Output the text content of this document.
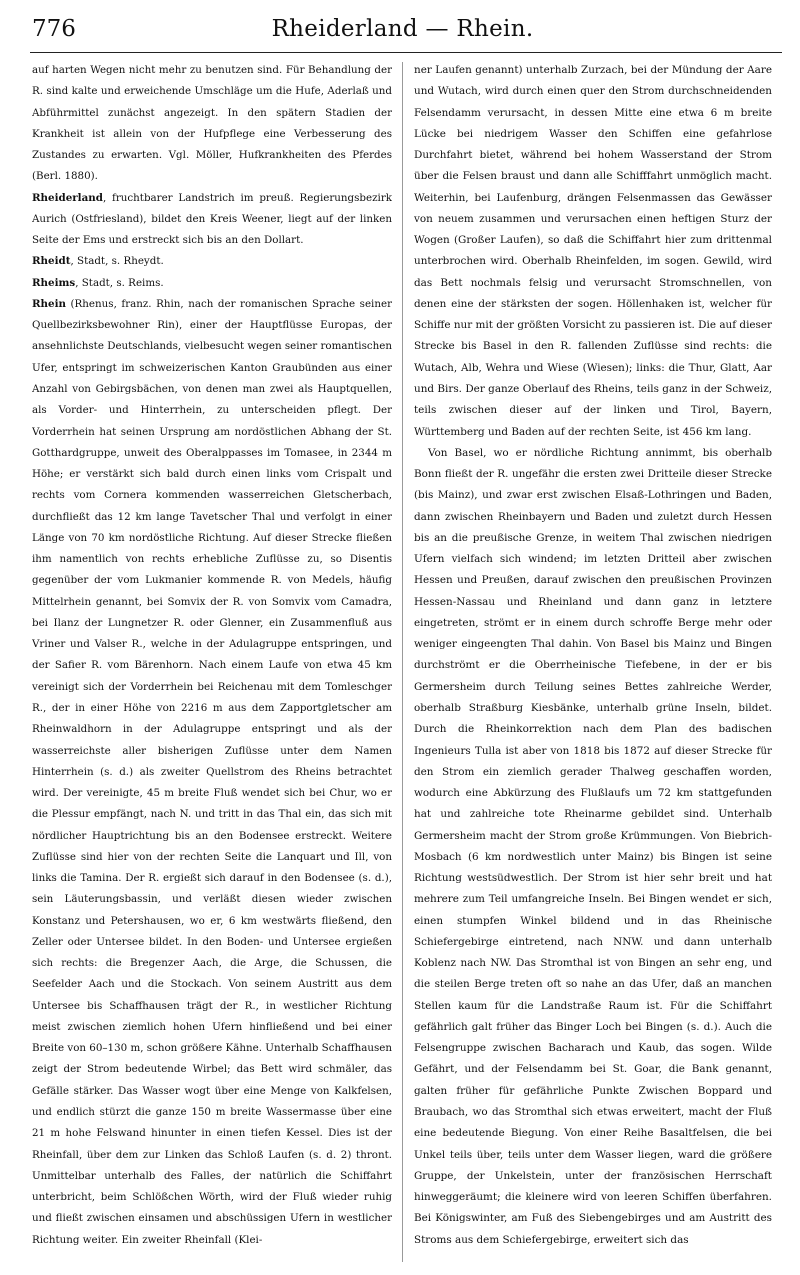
776	Rheiderland — Rhein.

auf harten Wegen nicht mehr zu benutzen sind. Für Behandlung der R. sind kalte und erweichende Umschläge um die Hufe, Aderlaß und Abführmittel zunächst angezeigt. In den spätern Stadien der Krankheit ist allein von der Hufpflege eine Verbesserung des Zustandes zu erwarten. Vgl. Möller, Hufkrankheiten des Pferdes (Berl. 1880).

Rheiderland, fruchtbarer Landstrich im preuß. Regierungsbezirk Aurich (Ostfriesland), bildet den Kreis Weener, liegt auf der linken Seite der Ems und erstreckt sich bis an den Dollart.

Rheidt, Stadt, s. Rheydt.

Rheims, Stadt, s. Reims.

Rhein (Rhenus, franz. Rhin, nach der romanischen Sprache seiner Quellbezirksbewohner Rin), einer der Hauptflüsse Europas, der ansehnlichste Deutschlands, vielbesucht wegen seiner romantischen Ufer, entspringt im schweizerischen Kanton Graubünden aus einer Anzahl von Gebirgsbächen, von denen man zwei als Hauptquellen, als Vorder- und Hinterrhein, zu unterscheiden pflegt. Der Vorderrhein hat seinen Ursprung am nordöstlichen Abhang der St. Gotthardgruppe, unweit des Oberalppasses im Tomasee, in 2344 m Höhe; er verstärkt sich bald durch einen links vom Crispalt und rechts vom Cornera kommenden wasserreichen Gletscherbach, durchfließt das 12 km lange Tavetscher Thal und verfolgt in einer Länge von 70 km nordöstliche Richtung. Auf dieser Strecke fließen ihm namentlich von rechts erhebliche Zuflüsse zu, so Disentis gegenüber der vom Lukmanier kommende R. von Medels, häufig Mittelrhein genannt, bei Somvix der R. von Somvix vom Camadra, bei Ilanz der Lungnetzer R. oder Glenner, ein Zusammenfluß aus Vriner und Valser R., welche in der Adulagruppe entspringen, und der Safier R. vom Bärenhorn. Nach einem Laufe von etwa 45 km vereinigt sich der Vorderrhein bei Reichenau mit dem Tomleschger R., der in einer Höhe von 2216 m aus dem Zapportgletscher am Rheinwaldhorn in der Adulagruppe entspringt und als der wasserreichste aller bisherigen Zuflüsse unter dem Namen Hinterrhein (s. d.) als zweiter Quellstrom des Rheins betrachtet wird. Der vereinigte, 45 m breite Fluß wendet sich bei Chur, wo er die Plessur empfängt, nach N. und tritt in das Thal ein, das sich mit nördlicher Hauptrichtung bis an den Bodensee erstreckt. Weitere Zuflüsse sind hier von der rechten Seite die Lanquart und Ill, von links die Tamina. Der R. ergießt sich darauf in den Bodensee (s. d.), sein Läuterungsbassin, und verläßt diesen wieder zwischen Konstanz und Petershausen, wo er, 6 km westwärts fließend, den Zeller oder Untersee bildet. In den Boden- und Untersee ergießen sich rechts: die Bregenzer Aach, die Arge, die Schussen, die Seefelder Aach und die Stockach. Von seinem Austritt aus dem Untersee bis Schaffhausen trägt der R., in westlicher Richtung meist zwischen ziemlich hohen Ufern hinfließend und bei einer Breite von 60–130 m, schon größere Kähne. Unterhalb Schaffhausen zeigt der Strom bedeutende Wirbel; das Bett wird schmäler, das Gefälle stärker. Das Wasser wogt über eine Menge von Kalkfelsen, und endlich stürzt die ganze 150 m breite Wassermasse über eine 21 m hohe Felswand hinunter in einen tiefen Kessel. Dies ist der Rheinfall, über dem zur Linken das Schloß Laufen (s. d. 2) thront. Unmittelbar unterhalb des Falles, der natürlich die Schiffahrt unterbricht, beim Schlößchen Wörth, wird der Fluß wieder ruhig und fließt zwischen einsamen und abschüssigen Ufern in westlicher Richtung weiter. Ein zweiter Rheinfall (Klei-

ner Laufen genannt) unterhalb Zurzach, bei der Mündung der Aare und Wutach, wird durch einen quer den Strom durchschneidenden Felsendamm verursacht, in dessen Mitte eine etwa 6 m breite Lücke bei niedrigem Wasser den Schiffen eine gefahrlose Durchfahrt bietet, während bei hohem Wasserstand der Strom über die Felsen braust und dann alle Schifffahrt unmöglich macht. Weiterhin, bei Laufenburg, drängen Felsenmassen das Gewässer von neuem zusammen und verursachen einen heftigen Sturz der Wogen (Großer Laufen), so daß die Schiffahrt hier zum drittenmal unterbrochen wird. Oberhalb Rheinfelden, im sogen. Gewild, wird das Bett nochmals felsig und verursacht Stromschnellen, von denen eine der stärksten der sogen. Höllenhaken ist, welcher für Schiffe nur mit der größten Vorsicht zu passieren ist. Die auf dieser Strecke bis Basel in den R. fallenden Zuflüsse sind rechts: die Wutach, Alb, Wehra und Wiese (Wiesen); links: die Thur, Glatt, Aar und Birs. Der ganze Oberlauf des Rheins, teils ganz in der Schweiz, teils zwischen dieser auf der linken und Tirol, Bayern, Württemberg und Baden auf der rechten Seite, ist 456 km lang.

Von Basel, wo er nördliche Richtung annimmt, bis oberhalb Bonn fließt der R. ungefähr die ersten zwei Dritteile dieser Strecke (bis Mainz), und zwar erst zwischen Elsaß-Lothringen und Baden, dann zwischen Rheinbayern und Baden und zuletzt durch Hessen bis an die preußische Grenze, in weitem Thal zwischen niedrigen Ufern vielfach sich windend; im letzten Dritteil aber zwischen Hessen und Preußen, darauf zwischen den preußischen Provinzen Hessen-Nassau und Rheinland und dann ganz in letztere eingetreten, strömt er in einem durch schroffe Berge mehr oder weniger eingeengten Thal dahin. Von Basel bis Mainz und Bingen durchströmt er die Oberrheinische Tiefebene, in der er bis Germersheim durch Teilung seines Bettes zahlreiche Werder, oberhalb Straßburg Kiesbänke, unterhalb grüne Inseln, bildet. Durch die Rheinkorrektion nach dem Plan des badischen Ingenieurs Tulla ist aber von 1818 bis 1872 auf dieser Strecke für den Strom ein ziemlich gerader Thalweg geschaffen worden, wodurch eine Abkürzung des Flußlaufs um 72 km stattgefunden hat und zahlreiche tote Rheinarme gebildet sind. Unterhalb Germersheim macht der Strom große Krümmungen. Von Biebrich-Mosbach (6 km nordwestlich unter Mainz) bis Bingen ist seine Richtung westsüdwestlich. Der Strom ist hier sehr breit und hat mehrere zum Teil umfangreiche Inseln. Bei Bingen wendet er sich, einen stumpfen Winkel bildend und in das Rheinische Schiefergebirge eintretend, nach NNW. und dann unterhalb Koblenz nach NW. Das Stromthal ist von Bingen an sehr eng, und die steilen Berge treten oft so nahe an das Ufer, daß an manchen Stellen kaum für die Landstraße Raum ist. Für die Schiffahrt gefährlich galt früher das Binger Loch bei Bingen (s. d.). Auch die Felsengruppe zwischen Bacharach und Kaub, das sogen. Wilde Gefährt, und der Felsendamm bei St. Goar, die Bank genannt, galten früher für gefährliche Punkte Zwischen Boppard und Braubach, wo das Stromthal sich etwas erweitert, macht der Fluß eine bedeutende Biegung. Von einer Reihe Basaltfelsen, die bei Unkel teils über, teils unter dem Wasser liegen, ward die größere Gruppe, der Unkelstein, unter der französischen Herrschaft hinweggeräumt; die kleinere wird von leeren Schiffen überfahren. Bei Königswinter, am Fuß des Siebengebirges und am Austritt des Stroms aus dem Schiefergebirge, erweitert sich das
